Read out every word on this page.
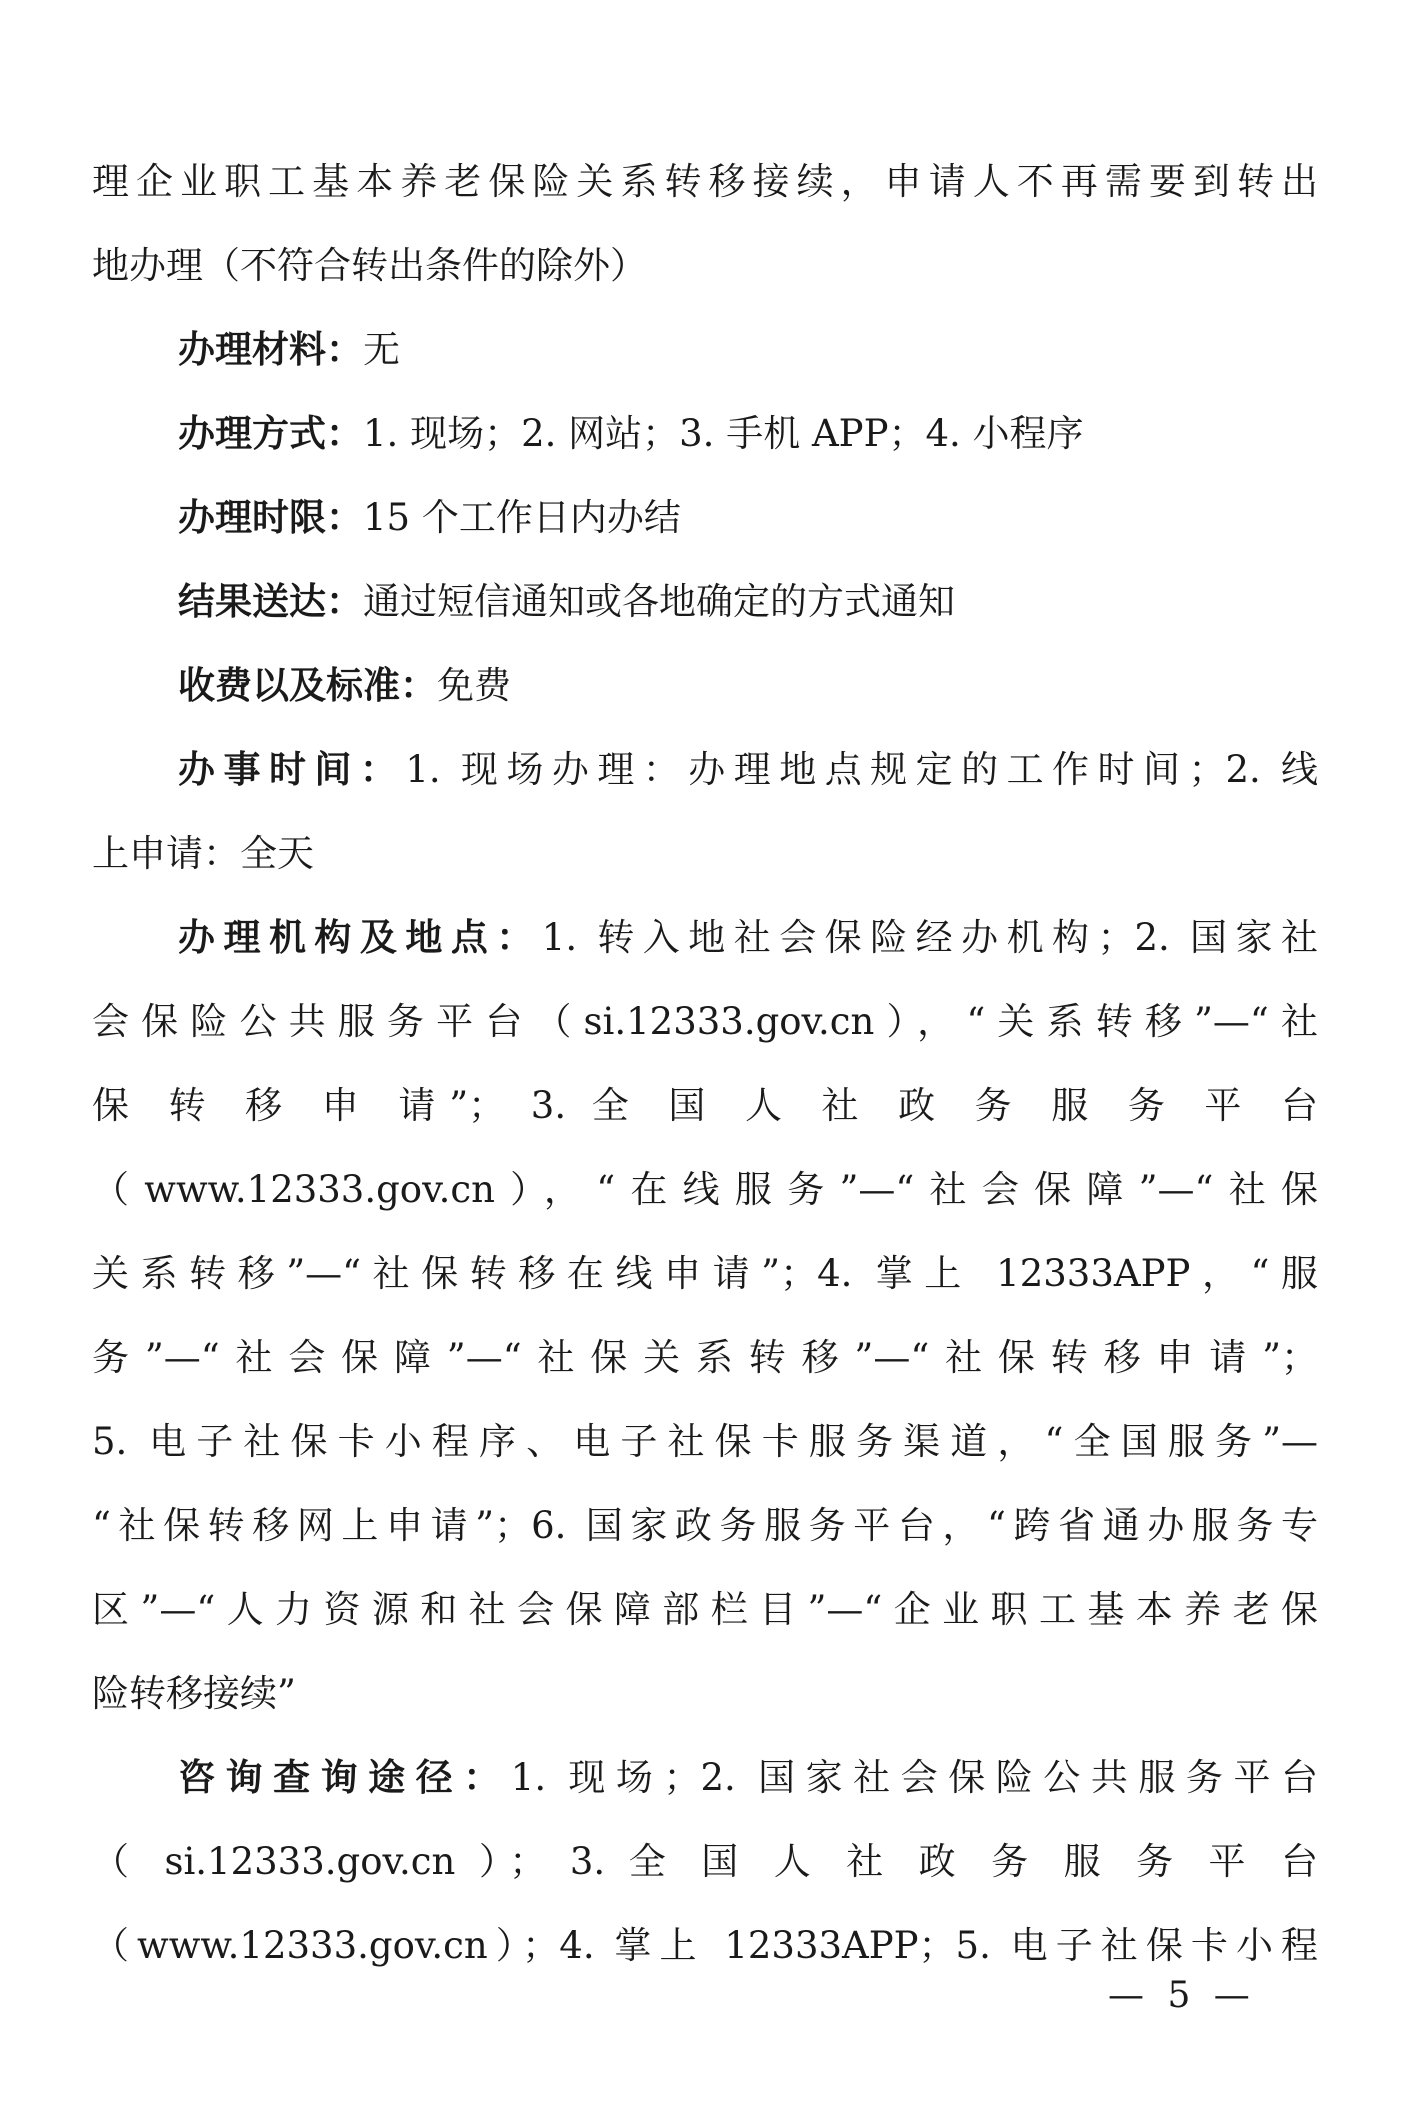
理企业职工基本养老保险关系转移接续，申请人不再需要到转出
地办理（不符合转出条件的除外）
办理材料：无
办理方式：1. 现场；2. 网站；3. 手机 APP；4. 小程序
办理时限：15 个工作日内办结
结果送达：通过短信通知或各地确定的方式通知
收费以及标准：免费
办事时间：1. 现场办理：办理地点规定的工作时间；2. 线
上申请：全天
办理机构及地点：1. 转入地社会保险经办机构；2. 国家社
会保险公共服务平台（si.12333.gov.cn），“关系转移”—“社
保 转 移 申 请”； 3. 全 国 人 社 政 务 服 务 平 台
（www.12333.gov.cn），“在线服务”—“社会保障”—“社保
关系转移”—“社保转移在线申请”；4. 掌上 12333APP，“服
务”—“社会保障”—“社保关系转移”—“社保转移申请”；
5. 电子社保卡小程序、电子社保卡服务渠道，“全国服务”—
“社保转移网上申请”；6. 国家政务服务平台，“跨省通办服务专
区”—“人力资源和社会保障部栏目”—“企业职工基本养老保
险转移接续”
咨询查询途径：1. 现场；2. 国家社会保险公共服务平台
（ si.12333.gov.cn ）； 3. 全 国 人 社 政 务 服 务 平 台
（www.12333.gov.cn）；4. 掌上 12333APP；5. 电子社保卡小程
— 5 —
